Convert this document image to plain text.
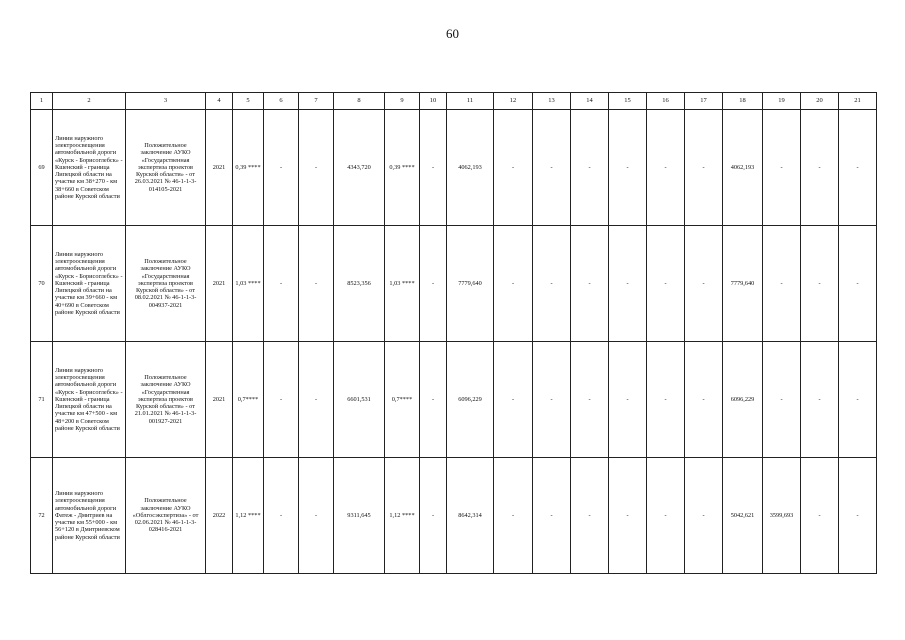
60
1	2	3	4	5	6	7	8	9	10	11	12	13	14	15	16	17	18	19	20	21
69	Линии наружного электроосвещения автомобильной дороги «Курск - Борисоглебск» - Кшенский - граница Липецкой области на участке км 38+270 - км 38+660 в Советском районе Курской области	Положительное заключение АУКО «Государственная экспертиза проектов Курской области» - от 26.03.2021 № 46-1-1-3-014105-2021	2021	0,39 ****	-	-	4343,720	0,39 ****	-	4062,193	-	-	-	-	-	-	4062,193	-	-	-
70	Линии наружного электроосвещения автомобильной дороги «Курск - Борисоглебск» - Кшенский - граница Липецкой области на участке км 39+660 - км 40+690 в Советском районе Курской области	Положительное заключение АУКО «Государственная экспертиза проектов Курской области» - от 08.02.2021 № 46-1-1-3-004937-2021	2021	1,03 ****	-	-	8523,356	1,03 ****	-	7779,640	-	-	-	-	-	-	7779,640	-	-	-
71	Линии наружного электроосвещения автомобильной дороги «Курск - Борисоглебск» - Кшенский - граница Липецкой области на участке км 47+500 - км 48+200 в Советском районе Курской области	Положительное заключение АУКО «Государственная экспертиза проектов Курской области» - от 21.01.2021 № 46-1-1-3-001927-2021	2021	0,7****	-	-	6601,531	0,7****	-	6096,229	-	-	-	-	-	-	6096,229	-	-	-
72	Линии наружного электроосвещения автомобильной дороги Фатеж - Дмитриев на участке км 55+000 - км 56+120 в Дмитриевском районе Курской области	Положительное заключение АУКО «Облгосэкспертиза» - от 02.06.2021 № 46-1-1-3-028416-2021	2022	1,12 ****	-	-	9311,645	1,12 ****	-	8642,314	-	-	-	-	-	-	5042,621	3599,693	-	-
